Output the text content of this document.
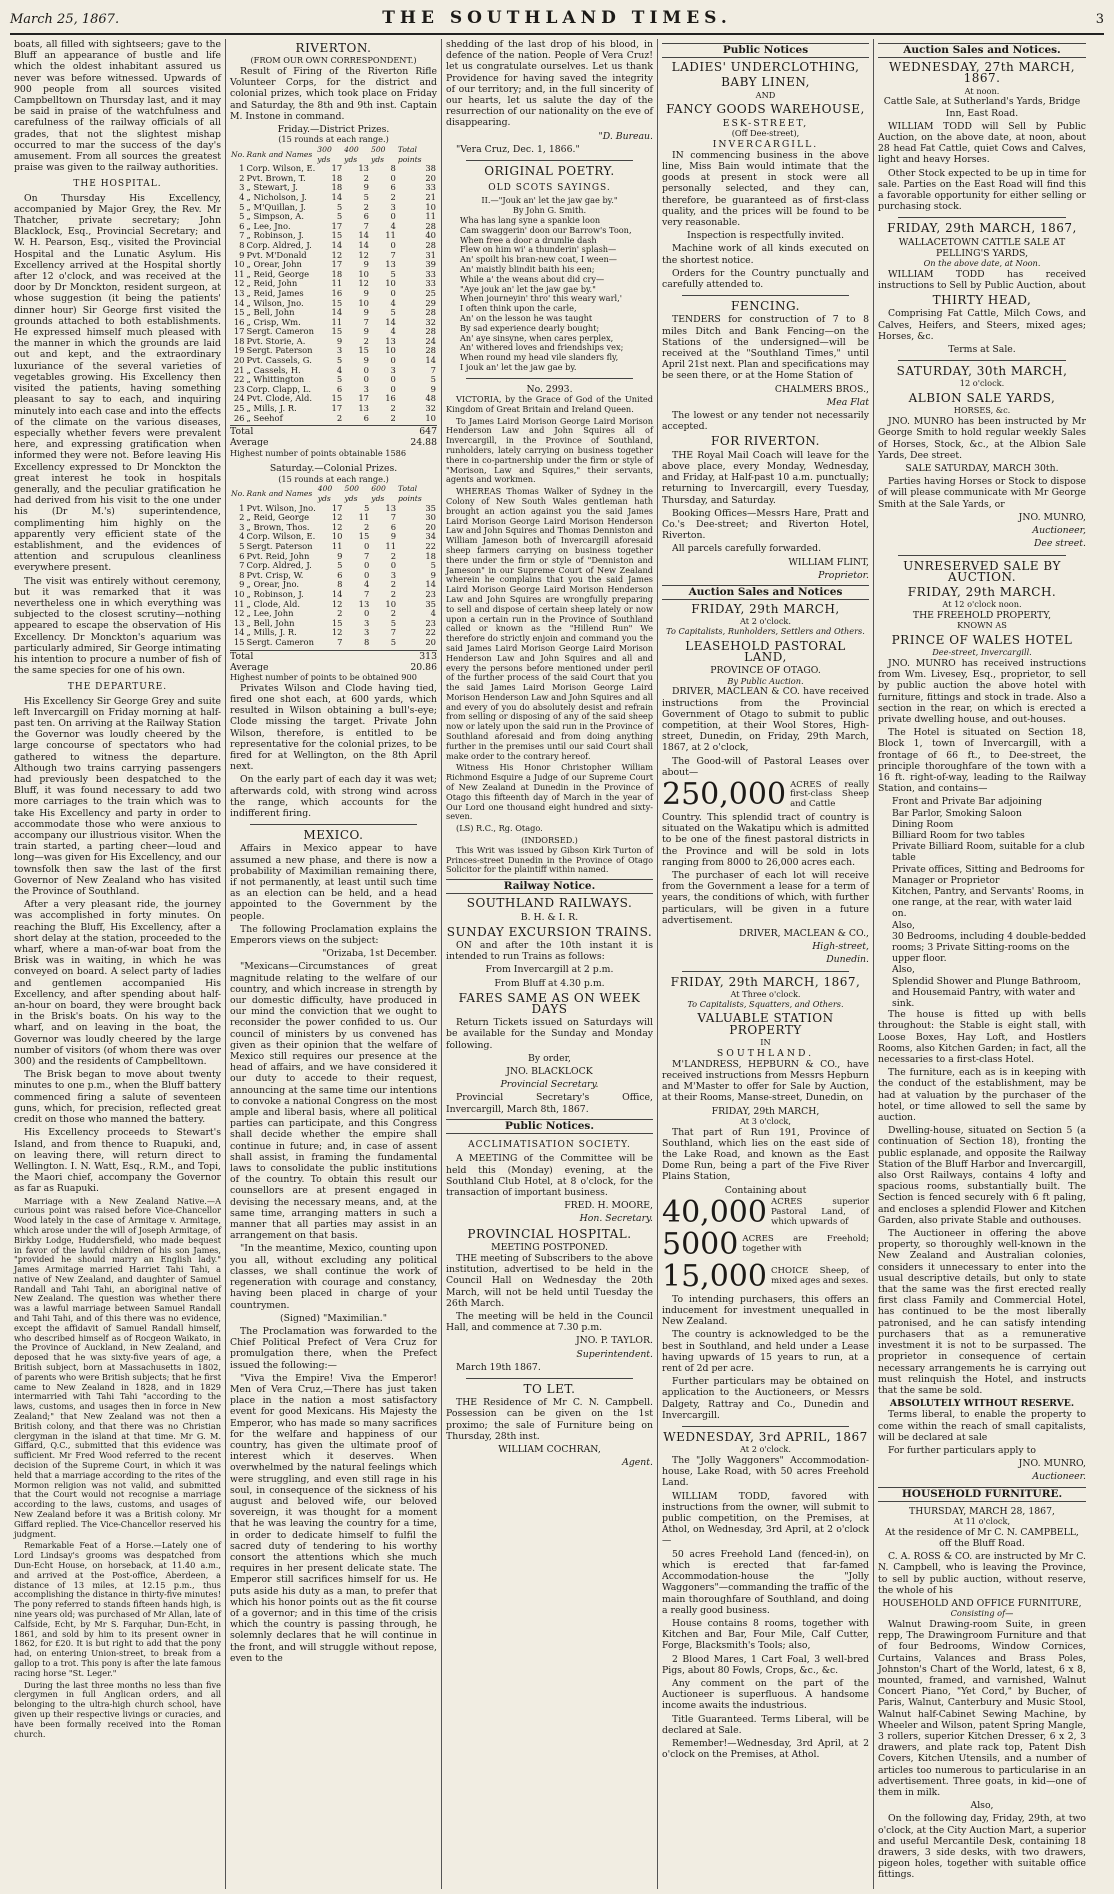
March 25, 1867.	THE SOUTHLAND TIMES.	3

boats, all filled with sightseers; gave to the Bluff an appearance of bustle and life which the oldest inhabitant assured us never was before witnessed. Upwards of 900 people from all sources visited Campbelltown on Thursday last, and it may be said in praise of the watchfulness and carefulness of the railway officials of all grades, that not the slightest mishap occurred to mar the success of the day's amusement. From all sources the greatest praise was given to the railway authorities.

THE HOSPITAL.

On Thursday His Excellency, accompanied by Major Grey, the Rev. Mr Thatcher, private secretary; John Blacklock, Esq., Provincial Secretary; and W. H. Pearson, Esq., visited the Provincial Hospital and the Lunatic Asylum. His Excellency arrived at the Hospital shortly after 12 o'clock, and was received at the door by Dr Monckton, resident surgeon, at whose suggestion (it being the patients' dinner hour) Sir George first visited the grounds attached to both establishments. He expressed himself much pleased with the manner in which the grounds are laid out and kept, and the extraordinary luxuriance of the several varieties of vegetables growing. His Excellency then visited the patients, having something pleasant to say to each, and inquiring minutely into each case and into the effects of the climate on the various diseases, especially whether fevers were prevalent here, and expressing gratification when informed they were not. Before leaving His Excellency expressed to Dr Monckton the great interest he took in hospitals generally, and the peculiar gratification he had derived from his visit to the one under his (Dr M.'s) superintendence, complimenting him highly on the apparently very efficient state of the establishment, and the evidences of attention and scrupulous cleanliness everywhere present.

The visit was entirely without ceremony, but it was remarked that it was nevertheless one in which everything was subjected to the closest scrutiny—nothing appeared to escape the observation of His Excellency. Dr Monckton's aquarium was particularly admired, Sir George intimating his intention to procure a number of fish of the same species for one of his own.

THE DEPARTURE.

His Excellency Sir George Grey and suite left Invercargill on Friday morning at half-past ten. On arriving at the Railway Station the Governor was loudly cheered by the large concourse of spectators who had gathered to witness the departure. Although two trains carrying passengers had previously been despatched to the Bluff, it was found necessary to add two more carriages to the train which was to take His Excellency and party in order to accommodate those who were anxious to accompany our illustrious visitor. When the train started, a parting cheer—loud and long—was given for His Excellency, and our townsfolk then saw the last of the first Governor of New Zealand who has visited the Province of Southland.

After a very pleasant ride, the journey was accomplished in forty minutes. On reaching the Bluff, His Excellency, after a short delay at the station, proceeded to the wharf, where a man-of-war boat from the Brisk was in waiting, in which he was conveyed on board. A select party of ladies and gentlemen accompanied His Excellency, and after spending about half-an-hour on board, they were brought back in the Brisk's boats. On his way to the wharf, and on leaving in the boat, the Governor was loudly cheered by the large number of visitors (of whom there was over 300) and the residents of Campbelltown.

The Brisk began to move about twenty minutes to one p.m., when the Bluff battery commenced firing a salute of seventeen guns, which, for precision, reflected great credit on those who manned the battery.

His Excellency proceeds to Stewart's Island, and from thence to Ruapuki, and, on leaving there, will return direct to Wellington. I. N. Watt, Esq., R.M., and Topi, the Maori chief, accompany the Governor as far as Ruapuki.

Marriage with a New Zealand Native.—A curious point was raised before Vice-Chancellor Wood lately in the case of Armitage v. Armitage, which arose under the will of Joseph Armitage, of Birkby Lodge, Huddersfield, who made bequest in favor of the lawful children of his son James, "provided he should marry an English lady." James Armitage married Harriet Tahi Tahi, a native of New Zealand, and daughter of Samuel Randall and Tahi Tahi, an aboriginal native of New Zealand. The question was whether there was a lawful marriage between Samuel Randall and Tahi Tahi, and of this there was no evidence, except the affidavit of Samuel Randall himself, who described himself as of Rocgeon Waikato, in the Province of Auckland, in New Zealand, and deposed that he was sixty-five years of age, a British subject, born at Massachusetts in 1802, of parents who were British subjects; that he first came to New Zealand in 1828, and in 1829 intermarried with Tahi Tahi "according to the laws, customs, and usages then in force in New Zealand;" that New Zealand was not then a British colony, and that there was no Christian clergyman in the island at that time. Mr G. M. Giffard, Q.C., submitted that this evidence was sufficient. Mr Fred Wood referred to the recent decision of the Supreme Court, in which it was held that a marriage according to the rites of the Mormon religion was not valid, and submitted that the Court would not recognise a marriage according to the laws, customs, and usages of New Zealand before it was a British colony. Mr Giffard replied. The Vice-Chancellor reserved his judgment.

Remarkable Feat of a Horse.—Lately one of Lord Lindsay's grooms was despatched from Dun-Echt House, on horseback, at 11.40 a.m., and arrived at the Post-office, Aberdeen, a distance of 13 miles, at 12.15 p.m., thus accomplishing the distance in thirty-five minutes! The pony referred to stands fifteen hands high, is nine years old; was purchased of Mr Allan, late of Calfside, Echt, by Mr S. Farquhar, Dun-Echt, in 1861, and sold by him to its present owner in 1862, for £20. It is but right to add that the pony had, on entering Union-street, to break from a gallop to a trot. This pony is after the late famous racing horse "St. Leger."

During the last three months no less than five clergymen in full Anglican orders, and all belonging to the ultra-high church school, have given up their respective livings or curacies, and have been formally received into the Roman church.

RIVERTON.
(FROM OUR OWN CORRESPONDENT.)

Result of Firing of the Riverton Rifle Volunteer Corps, for the district and colonial prizes, which took place on Friday and Saturday, the 8th and 9th inst. Captain M. Instone in command.

Friday.—District Prizes.
(15 rounds at each range.)
No.	Rank and Names	300 yds	400 yds	500 yds	Total points
1	Corp. Wilson, E.	17	13	8	38
2	Pvt. Brown, T.	18	2	0	20
3	„ Stewart, J.	18	9	6	33
4	„ Nicholson, J.	14	5	2	21
5	„ M'Quillan, J.	5	2	3	10
5	„ Simpson, A.	5	6	0	11
6	„ Lee, Jno.	17	7	4	28
7	„ Robinson, J.	15	14	11	40
8	Corp. Aldred, J.	14	14	0	28
9	Pvt. M'Donald	12	12	7	31
10	„ Orear, John	17	9	13	39
11	„ Reid, George	18	10	5	33
12	„ Reid, John	11	12	10	33
13	„ Reid, James	16	9	0	25
14	„ Wilson, Jno.	15	10	4	29
15	„ Bell, John	14	9	5	28
16	„ Crisp, Wm.	11	7	14	32
17	Sergt. Cameron	15	9	4	28
18	Pvt. Storie, A.	9	2	13	24
19	Sergt. Paterson	3	15	10	28
20	Pvt. Cassels, G.	5	9	0	14
21	„ Cassels, H.	4	0	3	7
22	„ Whittington	5	0	0	5
23	Corp. Clapp, L.	6	3	0	9
24	Pvt. Clode, Ald.	15	17	16	48
25	„ Mills, J. R.	17	13	2	32
26	„ Seehof	2	6	2	10
Total	647
Average	24.88
Highest number of points obtainable 1586
Saturday.—Colonial Prizes.
(15 rounds at each range.)
No.	Rank and Names	400 yds	500 yds	600 yds	Total points
1	Pvt. Wilson, Jno.	17	5	13	35
2	„ Reid, George	12	11	7	30
3	„ Brown, Thos.	12	2	6	20
4	Corp. Wilson, E.	10	15	9	34
5	Sergt. Paterson	11	0	11	22
6	Pvt. Reid, John	9	7	2	18
7	Corp. Aldred, J.	5	0	0	5
8	Pvt. Crisp, W.	6	0	3	9
9	„ Orear, Jno.	8	4	2	14
10	„ Robinson, J.	14	7	2	23
11	„ Clode, Ald.	12	13	10	35
12	„ Lee, John	2	0	2	4
13	„ Bell, John	15	3	5	23
14	„ Mills, J. R.	12	3	7	22
15	Sergt. Cameron	7	8	5	20
Total	313
Average	20.86
Highest number of points to be obtained 900

Privates Wilson and Clode having tied, fired one shot each, at 600 yards, which resulted in Wilson obtaining a bull's-eye; Clode missing the target. Private John Wilson, therefore, is entitled to be representative for the colonial prizes, to be fired for at Wellington, on the 8th April next.

On the early part of each day it was wet; afterwards cold, with strong wind across the range, which accounts for the indifferent firing.

MEXICO.

Affairs in Mexico appear to have assumed a new phase, and there is now a probability of Maximilian remaining there, if not permanently, at least until such time as an election can be held, and a head appointed to the Government by the people.

The following Proclamation explains the Emperors views on the subject:

"Orizaba, 1st December.

"Mexicans—Circumstances of great magnitude relating to the welfare of our country, and which increase in strength by our domestic difficulty, have produced in our mind the conviction that we ought to reconsider the power confided to us. Our council of ministers by us convened has given as their opinion that the welfare of Mexico still requires our presence at the head of affairs, and we have considered it our duty to accede to their request, announcing at the same time our intentions to convoke a national Congress on the most ample and liberal basis, where all political parties can participate, and this Congress shall decide whether the empire shall continue in future; and, in case of assent shall assist, in framing the fundamental laws to consolidate the public institutions of the country. To obtain this result our counsellors are at present engaged in devising the necessary means, and, at the same time, arranging matters in such a manner that all parties may assist in an arrangement on that basis.

"In the meantime, Mexico, counting upon you all, without excluding any political classes, we shall continue the work of regeneration with courage and constancy, having been placed in charge of your countrymen.

(Signed) "Maximilian."

The Proclamation was forwarded to the Chief Political Prefect of Vera Cruz for promulgation there, when the Prefect issued the following:—

"Viva the Empire! Viva the Emperor! Men of Vera Cruz,—There has just taken place in the nation a most satisfactory event for good Mexicans. His Majesty the Emperor, who has made so many sacrifices for the welfare and happiness of our country, has given the ultimate proof of interest which it deserves. When overwhelmed by the natural feelings which were struggling, and even still rage in his soul, in consequence of the sickness of his august and beloved wife, our beloved sovereign, it was thought for a moment that he was leaving the country for a time, in order to dedicate himself to fulfil the sacred duty of tendering to his worthy consort the attentions which she much requires in her present delicate state. The Emperor still sacrifices himself for us. He puts aside his duty as a man, to prefer that which his honor points out as the fit course of a governor; and in this time of the crisis which the country is passing through, he solemnly declares that he will continue in the front, and will struggle without repose, even to the

shedding of the last drop of his blood, in defence of the nation. People of Vera Cruz! let us congratulate ourselves. Let us thank Providence for having saved the integrity of our territory; and, in the full sincerity of our hearts, let us salute the day of the resurrection of our nationality on the eve of disappearing.

"D. Bureau.

"Vera Cruz, Dec. 1, 1866."

ORIGINAL POETRY.
OLD SCOTS SAYINGS.
II.—"Jouk an' let the jaw gae by."
By John G. Smith.
Wha has lang syne a spankie loon
Cam swaggerin' doon our Barrow's Toon,
When free a door a drumlie dash
Flew on him wi' a thunderin' splash—
An' spoilt his bran-new coat, I ween—
An' maistly blindit baith his een;
While a' the weans about did cry—
"Aye jouk an' let the jaw gae by."
When journeyin' thro' this weary warl,'
I often think upon the carle,
An' on the lesson he was taught
By sad experience dearly bought;
An' aye sinsyne, when cares perplex,
An' withered loves and friendships vex;
When round my head vile slanders fly,
I jouk an' let the jaw gae by.
No. 2993.

VICTORIA, by the Grace of God of the United Kingdom of Great Britain and Ireland Queen.

To James Laird Morison George Laird Morison Henderson Law and John Squires all of Invercargill, in the Province of Southland, runholders, lately carrying on business together there in co-partnership under the firm or style of "Morison, Law and Squires," their servants, agents and workmen.

WHEREAS Thomas Walker of Sydney in the Colony of New South Wales gentleman hath brought an action against you the said James Laird Morison George Laird Morison Henderson Law and John Squires and Thomas Denniston and William Jameson both of Invercargill aforesaid sheep farmers carrying on business together there under the firm or style of "Denniston and Jameson" in our Supreme Court of New Zealand wherein he complains that you the said James Laird Morison George Laird Morison Henderson Law and John Squires are wrongfully preparing to sell and dispose of certain sheep lately or now upon a certain run in the Province of Southland called or known as the "Hillend Run" We therefore do strictly enjoin and command you the said James Laird Morison George Laird Morison Henderson Law and John Squires and all and every the persons before mentioned under peril of the further process of the said Court that you the said James Laird Morison George Laird Morison Henderson Law and John Squires and all and every of you do absolutely desist and refrain from selling or disposing of any of the said sheep now or lately upon the said run in the Province of Southland aforesaid and from doing anything further in the premises until our said Court shall make order to the contrary hereof.

Witness His Honor Christopher William Richmond Esquire a Judge of our Supreme Court of New Zealand at Dunedin in the Province of Otago this fifteenth day of March in the year of Our Lord one thousand eight hundred and sixty-seven.

(LS) R.C., Rg. Otago.

(INDORSED.)

This Writ was issued by Gibson Kirk Turton of Princes-street Dunedin in the Province of Otago Solicitor for the plaintiff within named.

Railway Notice.
SOUTHLAND RAILWAYS.
B. H. & I. R.
SUNDAY EXCURSION TRAINS.

ON and after the 10th instant it is intended to run Trains as follows:

From Invercargill at 2 p.m.

From Bluff at 4.30 p.m.

FARES SAME AS ON WEEK DAYS

Return Tickets issued on Saturdays will be available for the Sunday and Monday following.

By order,

JNO. BLACKLOCK

Provincial Secretary.

Provincial Secretary's Office, Invercargill, March 8th, 1867.

Public Notices.
ACCLIMATISATION SOCIETY.

A MEETING of the Committee will be held this (Monday) evening, at the Southland Club Hotel, at 8 o'clock, for the transaction of important business.

FRED. H. MOORE,

Hon. Secretary.

PROVINCIAL HOSPITAL.
MEETING POSTPONED.

THE meeting of Subscribers to the above institution, advertised to be held in the Council Hall on Wednesday the 20th March, will not be held until Tuesday the 26th March.

The meeting will be held in the Council Hall, and commence at 7.30 p.m.

JNO. P. TAYLOR.

Superintendent.

March 19th 1867.

TO LET.

THE Residence of Mr C. N. Campbell. Possession can be given on the 1st proximo; the sale of Furniture being on Thursday, 28th inst.

WILLIAM COCHRAN,

Agent.

Public Notices
LADIES' UNDERCLOTHING,
BABY LINEN,
AND
FANCY GOODS WAREHOUSE,
ESK-STREET,
(Off Dee-street),
INVERCARGILL.

IN commencing business in the above line, Miss Bain would intimate that the goods at present in stock were all personally selected, and they can, therefore, be guaranteed as of first-class quality, and the prices will be found to be very reasonable.

Inspection is respectfully invited.

Machine work of all kinds executed on the shortest notice.

Orders for the Country punctually and carefully attended to.

FENCING.

TENDERS for construction of 7 to 8 miles Ditch and Bank Fencing—on the Stations of the undersigned—will be received at the "Southland Times," until April 21st next. Plan and specifications may be seen there, or at the Home Station of

CHALMERS BROS.,

Mea Flat

The lowest or any tender not necessarily accepted.

FOR RIVERTON.

THE Royal Mail Coach will leave for the above place, every Monday, Wednesday, and Friday, at Half-past 10 a.m. punctually; returning to Invercargill, every Tuesday, Thursday, and Saturday.

Booking Offices—Messrs Hare, Pratt and Co.'s Dee-street; and Riverton Hotel, Riverton.

All parcels carefully forwarded.

WILLIAM FLINT,

Proprietor.

Auction Sales and Notices
FRIDAY, 29th MARCH,
At 2 o'clock.
To Capitalists, Runholders, Settlers and Others.
LEASEHOLD PASTORAL LAND,
PROVINCE OF OTAGO.
By Public Auction.

DRIVER, MACLEAN & CO. have received instructions from the Provincial Government of Otago to submit to public competition, at their Wool Stores, High-street, Dunedin, on Friday, 29th March, 1867, at 2 o'clock,

The Good-will of Pastoral Leases over about—

250,000 ACRES of really first-class Sheep and Cattle

Country. This splendid tract of country is situated on the Wakatipu which is admitted to be one of the finest pastoral districts in the Province and will be sold in lots ranging from 8000 to 26,000 acres each.

The purchaser of each lot will receive from the Government a lease for a term of years, the conditions of which, with further particulars, will be given in a future advertisement.

DRIVER, MACLEAN & CO.,

High-street,

Dunedin.

FRIDAY, 29th MARCH, 1867,
At Three o'clock.
To Capitalists, Squatters, and Others.
VALUABLE STATION PROPERTY
IN
SOUTHLAND.

M'LANDRESS, HEPBURN & CO., have received instructions from Messrs Hepburn and M'Master to offer for Sale by Auction, at their Rooms, Manse-street, Dunedin, on

FRIDAY, 29th MARCH,
At 3 o'clock,

That part of Run 191, Province of Southland, which lies on the east side of the Lake Road, and known as the East Dome Run, being a part of the Five River Plains Station,

Containing about

40,000 ACRES superior Pastoral Land, of which upwards of
5000 ACRES are Freehold; together with
15,000 CHOICE Sheep, of mixed ages and sexes.

To intending purchasers, this offers an inducement for investment unequalled in New Zealand.

The country is acknowledged to be the best in Southland, and held under a Lease having upwards of 15 years to run, at a rent of 2d per acre.

Further particulars may be obtained on application to the Auctioneers, or Messrs Dalgety, Rattray and Co., Dunedin and Invercargill.

WEDNESDAY, 3rd APRIL, 1867
At 2 o'clock.

The "Jolly Waggoners" Accommodation-house, Lake Road, with 50 acres Freehold Land.

WILLIAM TODD, favored with instructions from the owner, will submit to public competition, on the Premises, at Athol, on Wednesday, 3rd April, at 2 o'clock—

50 acres Freehold Land (fenced-in), on which is erected that far-famed Accommodation-house the "Jolly Waggoners"—commanding the traffic of the main thoroughfare of Southland, and doing a really good business.

House contains 8 rooms, together with Kitchen and Bar, Four Mile, Calf Cutter, Forge, Blacksmith's Tools; also,

2 Blood Mares, 1 Cart Foal, 3 well-bred Pigs, about 80 Fowls, Crops, &c., &c.

Any comment on the part of the Auctioneer is superfluous. A handsome income awaits the industrious.

Title Guaranteed. Terms Liberal, will be declared at Sale.

Remember!—Wednesday, 3rd April, at 2 o'clock on the Premises, at Athol.

Auction Sales and Notices.
WEDNESDAY, 27th MARCH, 1867.
At noon.

Cattle Sale, at Sutherland's Yards, Bridge Inn, East Road.

WILLIAM TODD will Sell by Public Auction, on the above date, at noon, about 28 head Fat Cattle, quiet Cows and Calves, light and heavy Horses.

Other Stock expected to be up in time for sale. Parties on the East Road will find this a favorable opportunity for either selling or purchasing stock.

FRIDAY, 29th MARCH, 1867,
WALLACETOWN CATTLE SALE AT
PELLING'S YARDS,
On the above date, at Noon.

WILLIAM TODD has received instructions to Sell by Public Auction, about

THIRTY HEAD,

Comprising Fat Cattle, Milch Cows, and Calves, Heifers, and Steers, mixed ages; Horses, &c.

Terms at Sale.

SATURDAY, 30th MARCH,
12 o'clock.
ALBION SALE YARDS,
HORSES, &c.

JNO. MUNRO has been instructed by Mr George Smith to hold regular weekly Sales of Horses, Stock, &c., at the Albion Sale Yards, Dee street.

SALE SATURDAY, MARCH 30th.

Parties having Horses or Stock to dispose of will please communicate with Mr George Smith at the Sale Yards, or

JNO. MUNRO,

Auctioneer,

Dee street.

UNRESERVED SALE BY AUCTION.
FRIDAY, 29th MARCH.
At 12 o'clock noon.
THE FREEHOLD PROPERTY,
KNOWN AS
PRINCE OF WALES HOTEL
Dee-street, Invercargill.

JNO. MUNRO has received instructions from Wm. Livesey, Esq., proprietor, to sell by public auction the above hotel with furniture, fittings and stock in trade. Also a section in the rear, on which is erected a private dwelling house, and out-houses.

The Hotel is situated on Section 18, Block 1, town of Invercargill, with a frontage of 66 ft., to Dee-street, the principle thoroughfare of the town with a 16 ft. right-of-way, leading to the Railway Station, and contains—

Front and Private Bar adjoining
Bar Parlor, Smoking Saloon
Dining Room
Billiard Room for two tables
Private Billiard Room, suitable for a club table
Private offices, Sitting and Bedrooms for Manager or Proprietor
Kitchen, Pantry, and Servants' Rooms, in one range, at the rear, with water laid on.
Also,
30 Bedrooms, including 4 double-bedded rooms; 3 Private Sitting-rooms on the upper floor.
Also,
Splendid Shower and Plunge Bathroom, and Housemaid Pantry, with water and sink.

The house is fitted up with bells throughout: the Stable is eight stall, with Loose Boxes, Hay Loft, and Hostlers Rooms, also Kitchen Garden; in fact, all the necessaries to a first-class Hotel.

The furniture, each as is in keeping with the conduct of the establishment, may be had at valuation by the purchaser of the hotel, or time allowed to sell the same by auction.

Dwelling-house, situated on Section 5 (a continuation of Section 18), fronting the public esplanade, and opposite the Railway Station of the Bluff Harbor and Invercargill, also Orst Railways, contains 4 lofty and spacious rooms, substantially built. The Section is fenced securely with 6 ft paling, and encloses a splendid Flower and Kitchen Garden, also private Stable and outhouses.

The Auctioneer in offering the above property, so thoroughly well-known in the New Zealand and Australian colonies, considers it unnecessary to enter into the usual descriptive details, but only to state that the same was the first erected really first class Family and Commercial Hotel, has continued to be the most liberally patronised, and he can satisfy intending purchasers that as a remunerative investment it is not to be surpassed. The proprietor in consequence of certain necessary arrangements he is carrying out must relinquish the Hotel, and instructs that the same be sold.

ABSOLUTELY WITHOUT RESERVE.

Terms liberal, to enable the property to come within the reach of small capitalists, will be declared at sale

For further particulars apply to

JNO. MUNRO,

Auctioneer.

HOUSEHOLD FURNITURE.
THURSDAY, MARCH 28, 1867,
At 11 o'clock,

At the residence of Mr C. N. CAMPBELL, off the Bluff Road.

C. A. ROSS & CO. are instructed by Mr C. N. Campbell, who is leaving the Province, to sell by public auction, without reserve, the whole of his

HOUSEHOLD AND OFFICE FURNITURE,
Consisting of—

Walnut Drawing-room Suite, in green repp, The Drawingroom Furniture and that of four Bedrooms, Window Cornices, Curtains, Valances and Brass Poles, Johnston's Chart of the World, latest, 6 x 8, mounted, framed, and varnished, Walnut Concert Piano, "Yet Cord," by Bucher, of Paris, Walnut, Canterbury and Music Stool, Walnut half-Cabinet Sewing Machine, by Wheeler and Wilson, patent Spring Mangle, 3 rollers, superior Kitchen Dresser, 6 x 2, 3 drawers, and plate rack top, Patent Dish Covers, Kitchen Utensils, and a number of articles too numerous to particularise in an advertisement. Three goats, in kid—one of them in milk.

Also,

On the following day, Friday, 29th, at two o'clock, at the City Auction Mart, a superior and useful Mercantile Desk, containing 18 drawers, 3 side desks, with two drawers, pigeon holes, together with suitable office fittings.
